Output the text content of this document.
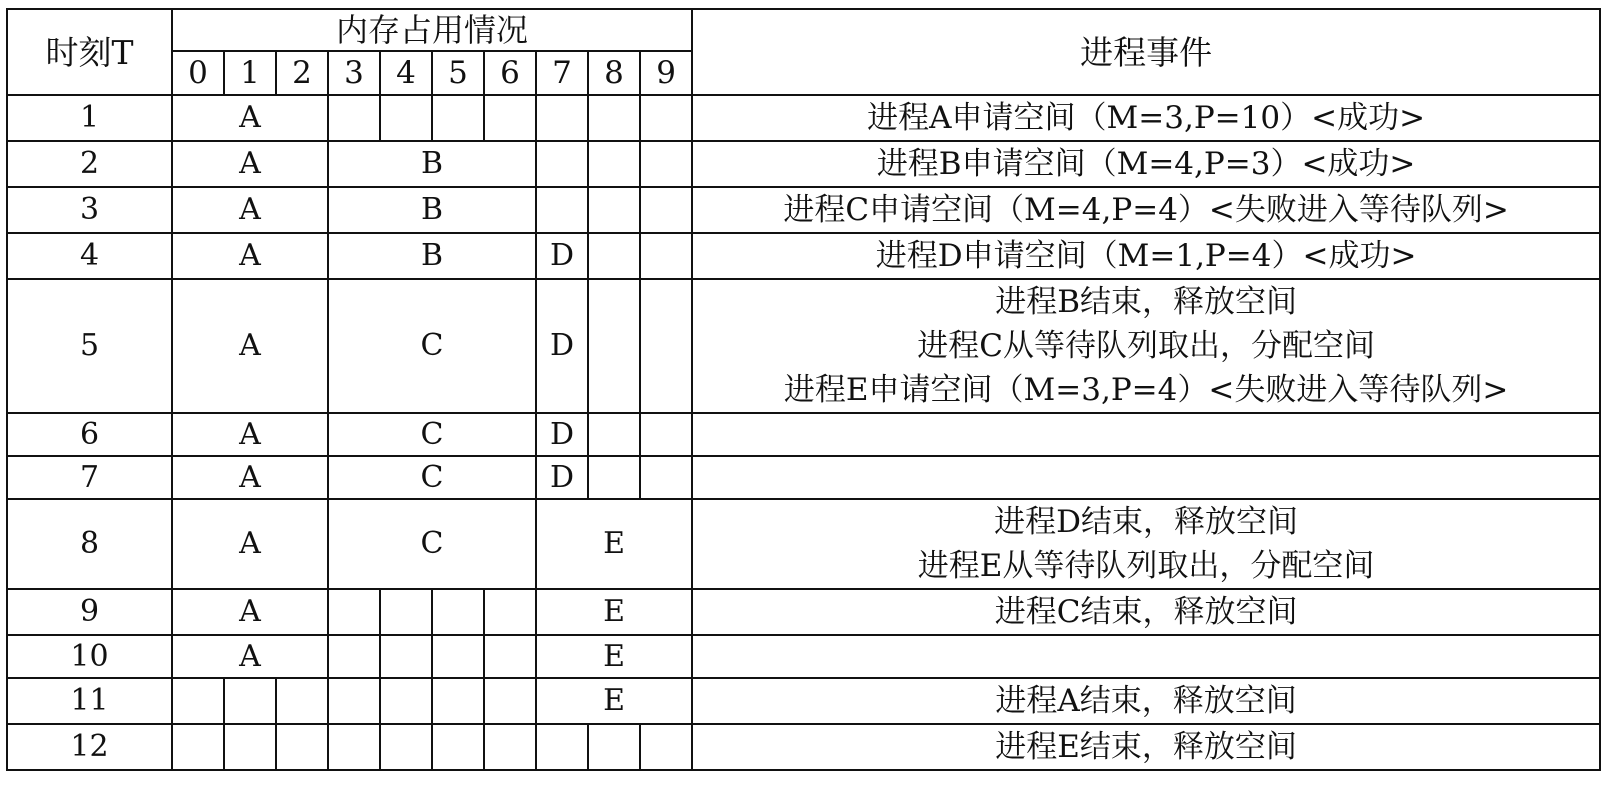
时刻T	内存占用情况										进程事件
	0	1	2	3	4	5	6	7	8	9	
1	A										进程A申请空间（M=3,P=10）<成功>

2	A			B							进程B申请空间（M=4,P=3）<成功>

3	A			B							进程C申请空间（M=4,P=4）<失败进入等待队列>

4	A			B				D			进程D申请空间（M=1,P=4）<成功>

5	A			C				D			进程B结束，释放空间
进程C从等待队列取出，分配空间
进程E申请空间（M=3,P=4）<失败进入等待队列>

6	A			C				D			
7	A			C				D			
8	A			C				E			进程D结束，释放空间
进程E从等待队列取出，分配空间

9	A							E			进程C结束，释放空间

10	A							E			
11								E			进程A结束，释放空间

12											进程E结束，释放空间
